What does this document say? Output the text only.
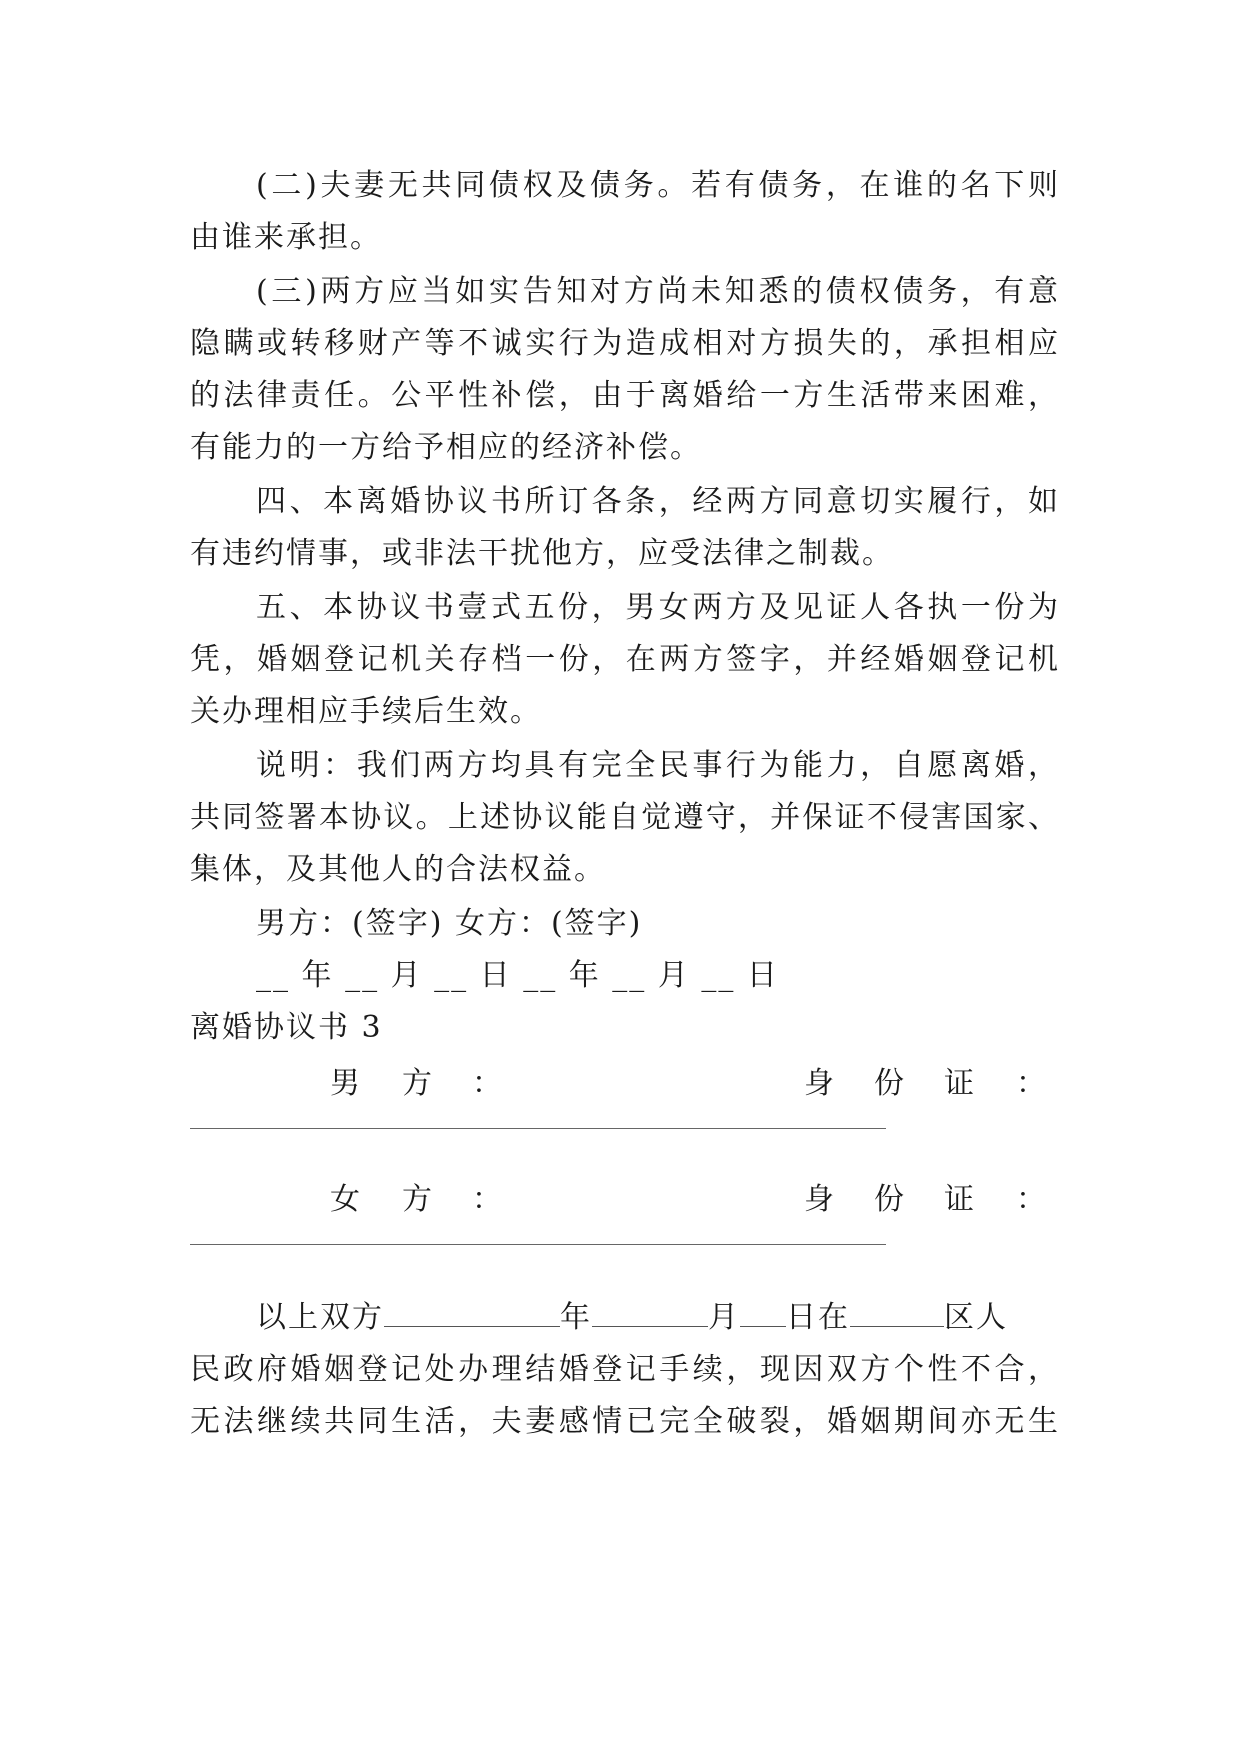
(二)夫妻无共同债权及债务。若有债务，在谁的名下则
由谁来承担。
(三)两方应当如实告知对方尚未知悉的债权债务，有意
隐瞒或转移财产等不诚实行为造成相对方损失的，承担相应
的法律责任。公平性补偿，由于离婚给一方生活带来困难，
有能力的一方给予相应的经济补偿。
四、本离婚协议书所订各条，经两方同意切实履行，如
有违约情事，或非法干扰他方，应受法律之制裁。
五、本协议书壹式五份，男女两方及见证人各执一份为
凭，婚姻登记机关存档一份，在两方签字，并经婚姻登记机
关办理相应手续后生效。
说明：我们两方均具有完全民事行为能力，自愿离婚，
共同签署本协议。上述协议能自觉遵守，并保证不侵害国家、
集体，及其他人的合法权益。
男方：(签字) 女方：(签字)
__ 年 __ 月 __ 日 __ 年 __ 月 __ 日
离婚协议书 3
男 方 ：	身 份 证 ：
女 方 ：	身 份 证 ：
以上双方	年	月 日在	区人
民政府婚姻登记处办理结婚登记手续，现因双方个性不合，
无法继续共同生活，夫妻感情已完全破裂，婚姻期间亦无生
